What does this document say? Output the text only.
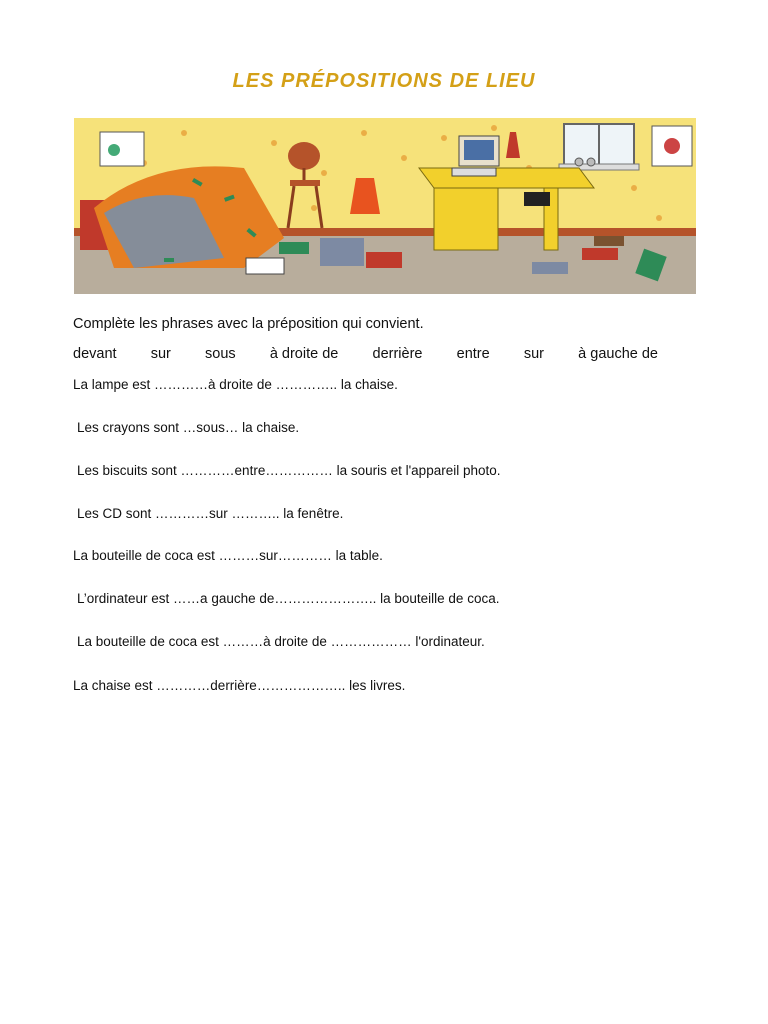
LES PRÉPOSITIONS DE LIEU
Complète les phrases avec la préposition qui convient.
devant sur sous à droite de derrière entre sur à gauche de
La lampe est …………à droite de ………….. la chaise.
Les crayons sont …sous… la chaise.
Les biscuits sont …………entre…………… la souris et l'appareil photo.
Les CD sont …………sur ……….. la fenêtre.
La bouteille de coca est ………sur………… la table.
L’ordinateur est ……a gauche de………………….. la bouteille de coca.
La bouteille de coca est ………à droite de ……………… l'ordinateur.
La chaise est …………derrière……………….. les livres.
